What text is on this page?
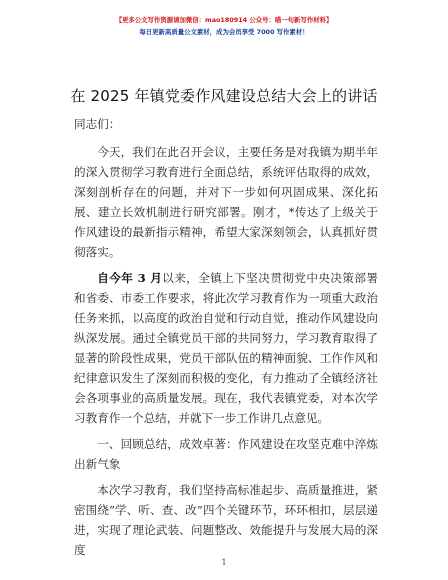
【更多公文写作资源请加微信：mao180914 公众号：喵一句新写作材料】
每日更新高质量公文素材，成为会员享受 7000 写作素材！
在 2025 年镇党委作风建设总结大会上的讲话

同志们：

今天，我们在此召开会议，主要任务是对我镇为期半年的深入贯彻学习教育进行全面总结，系统评估取得的成效，深刻剖析存在的问题，并对下一步如何巩固成果、深化拓展、建立长效机制进行研究部署。刚才，*传达了上级关于作风建设的最新指示精神，希望大家深刻领会，认真抓好贯彻落实。

自今年 3 月以来，全镇上下坚决贯彻党中央决策部署和省委、市委工作要求，将此次学习教育作为一项重大政治任务来抓，以高度的政治自觉和行动自觉，推动作风建设向纵深发展。通过全镇党员干部的共同努力，学习教育取得了显著的阶段性成果，党员干部队伍的精神面貌、工作作风和纪律意识发生了深刻而积极的变化，有力推动了全镇经济社会各项事业的高质量发展。现在，我代表镇党委，对本次学习教育作一个总结，并就下一步工作讲几点意见。

一、回顾总结，成效卓著：作风建设在攻坚克难中淬炼出新气象

本次学习教育，我们坚持高标准起步、高质量推进，紧密围绕“学、听、查、改”四个关键环节，环环相扣，层层递进，实现了理论武装、问题整改、效能提升与发展大局的深度

1
